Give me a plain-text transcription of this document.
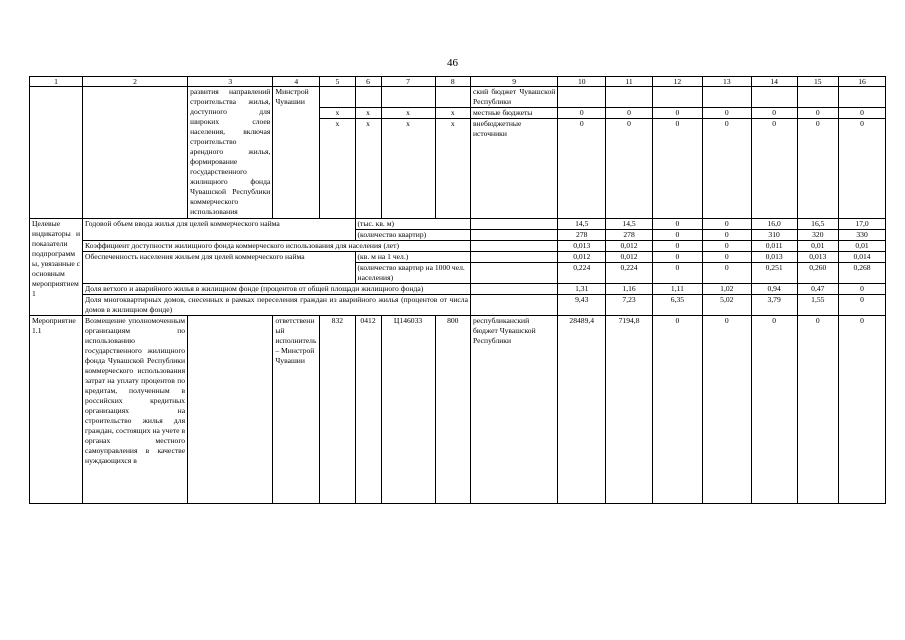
46
1	2	3	4	5	6	7	8	9	10	11	12	13	14	15	16
		развития направлений строительства жилья, доступного для широких слоев населения, включая строительство арендного жилья, формирование государственного жилищного фонда Чувашской Республики коммерческого использования	Минстрой Чувашии					ский бюджет Чувашской Республики							
				x	x	x	x	местные бюджеты	0	0	0	0	0	0	0
				x	x	x	x	внебюджетные источники	0	0	0	0	0	0	0
Целевые индикаторы и показатели подпрограммы, увязанные с основным мероприятием 1	Годовой объем ввода жилья для целей коммерческого найма				(тыс. кв. м)				14,5	14,5	0	0	16,0	16,5	17,0
					(количество квартир)				278	278	0	0	310	320	330
	Коэффициент доступности жилищного фонда коммерческого использования для населения (лет)								0,013	0,012	0	0	0,011	0,01	0,01
	Обеспеченность населения жильем для целей коммерческого найма				(кв. м на 1 чел.)				0,012	0,012	0	0	0,013	0,013	0,014
					(количество квартир на 1000 чел. населения)				0,224	0,224	0	0	0,251	0,260	0,268
	Доля ветхого и аварийного жилья в жилищном фонде (процентов от общей площади жилищного фонда)								1,31	1,16	1,11	1,02	0,94	0,47	0
	Доля многоквартирных домов, снесенных в рамках переселения граждан из аварийного жилья (процентов от числа домов в жилищном фонде)								9,43	7,23	6,35	5,02	3,79	1,55	0
Мероприятие 1.1	Возмещение уполномоченным организациям по использованию государственного жилищного фонда Чувашской Республики коммерческого использования затрат на уплату процентов по кредитам, полученным в российских кредитных организациях на строительство жилья для граждан, состоящих на учете в органах местного самоуправления в качестве нуждающихся в		ответственный исполнитель – Минстрой Чувашии	832	0412	Ц146033	800	республиканский бюджет Чувашской Республики	28489,4	7194,8	0	0	0	0	0
